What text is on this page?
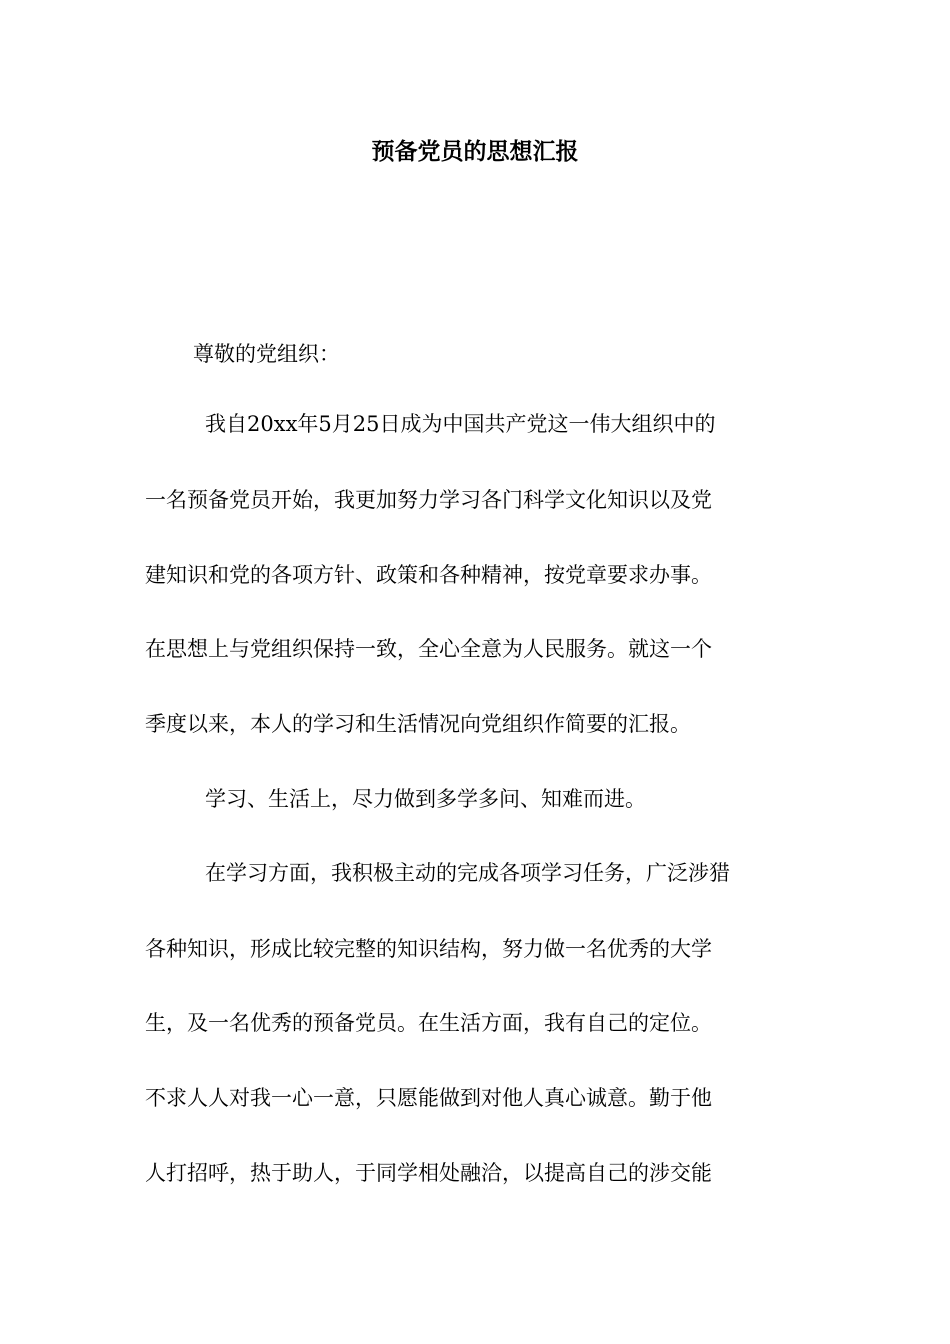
预备党员的思想汇报
尊敬的党组织：
我自20xx年5月25日成为中国共产党这一伟大组织中的
一名预备党员开始，我更加努力学习各门科学文化知识以及党
建知识和党的各项方针、政策和各种精神，按党章要求办事。
在思想上与党组织保持一致，全心全意为人民服务。就这一个
季度以来，本人的学习和生活情况向党组织作简要的汇报。
学习、生活上，尽力做到多学多问、知难而进。
在学习方面，我积极主动的完成各项学习任务，广泛涉猎
各种知识，形成比较完整的知识结构，努力做一名优秀的大学
生，及一名优秀的预备党员。在生活方面，我有自己的定位。
不求人人对我一心一意，只愿能做到对他人真心诚意。勤于他
人打招呼，热于助人，于同学相处融洽，以提高自己的涉交能
